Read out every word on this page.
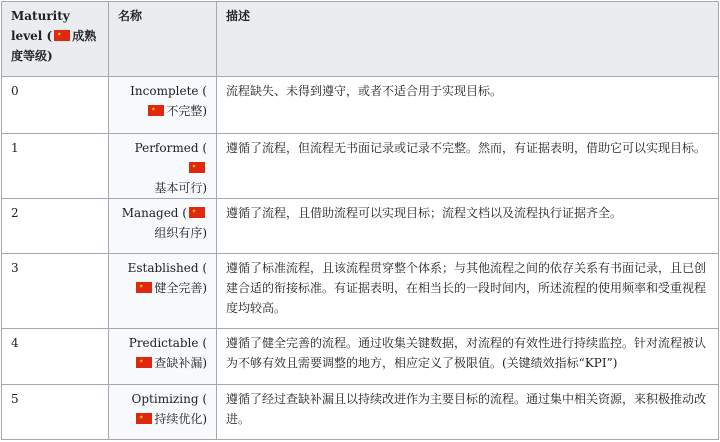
Maturity
level ( 成熟
度等级)	名称	描述
0	Incomplete (
不完整)	流程缺失、未得到遵守，或者不适合用于实现目标。
1	Performed (
基本可行)	遵循了流程，但流程无书面记录或记录不完整。然而，有证据表明，借助它可以实现目标。
2	Managed (
组织有序)	遵循了流程，且借助流程可以实现目标；流程文档以及流程执行证据齐全。
3	Established (
健全完善)	遵循了标准流程，且该流程贯穿整个体系；与其他流程之间的依存关系有书面记录，且已创建合适的衔接标准。有证据表明，在相当长的一段时间内，所述流程的使用频率和受重视程度均较高。
4	Predictable (
查缺补漏)	遵循了健全完善的流程。通过收集关键数据，对流程的有效性进行持续监控。针对流程被认为不够有效且需要调整的地方，相应定义了极限值。(关键绩效指标“KPI”)
5	Optimizing (
持续优化)	遵循了经过查缺补漏且以持续改进作为主要目标的流程。通过集中相关资源，来积极推动改进。
